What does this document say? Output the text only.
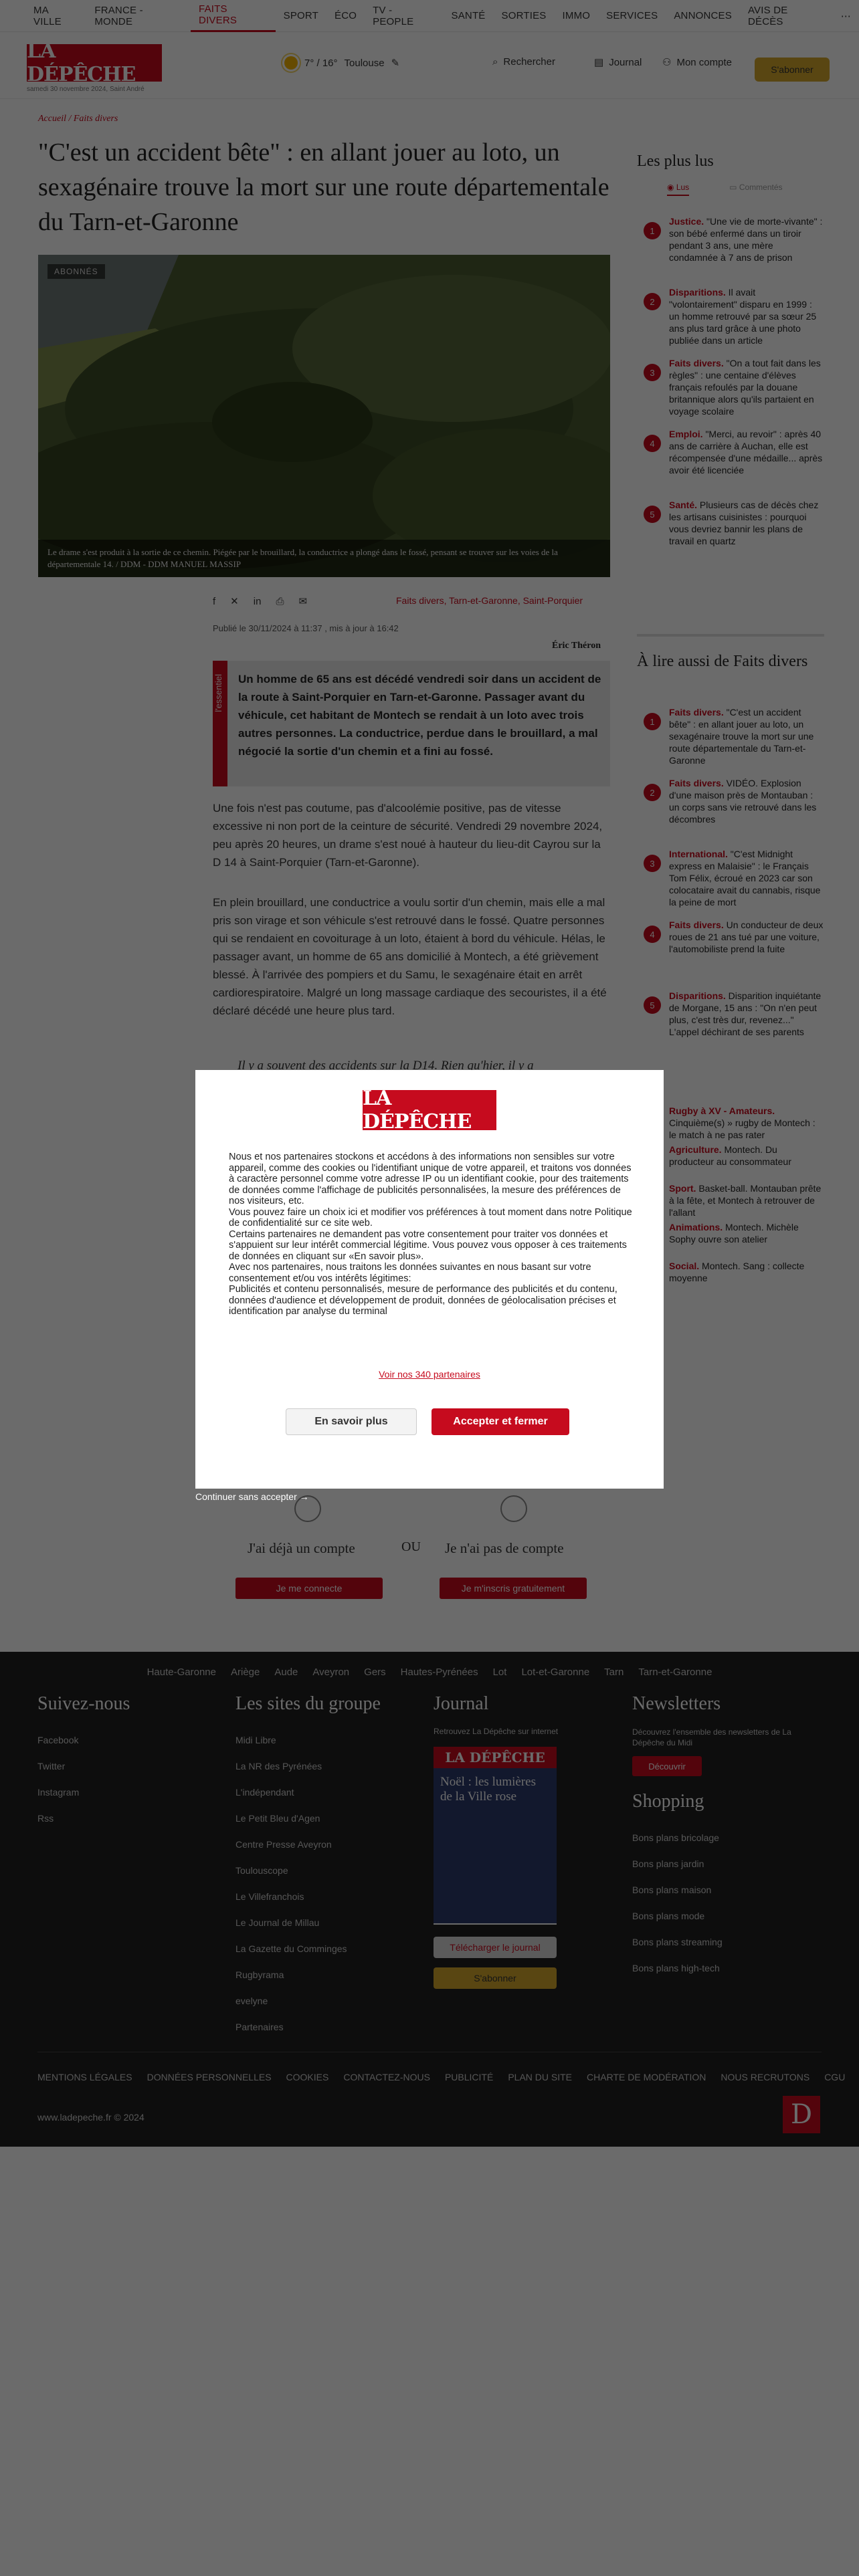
LA DÉPÊCHE
Nous et nos partenaires stockons et accédons à des informations non sensibles sur votre appareil, comme des cookies ou l'identifiant unique de votre appareil, et traitons vos données à caractère personnel comme votre adresse IP ou un identifiant cookie, pour des traitements de données comme l'affichage de publicités personnalisées, la mesure des préférences de nos visiteurs, etc.
Vous pouvez faire un choix ici et modifier vos préférences à tout moment dans notre Politique de confidentialité sur ce site web.
Certains partenaires ne demandent pas votre consentement pour traiter vos données et s'appuient sur leur intérêt commercial légitime. Vous pouvez vous opposer à ces traitements de données en cliquant sur «En savoir plus».
Avec nos partenaires, nous traitons les données suivantes en nous basant sur votre consentement et/ou vos intérêts légitimes:
Publicités et contenu personnalisés, mesure de performance des publicités et du contenu, données d'audience et développement de produit, données de géolocalisation précises et identification par analyse du terminal
Voir nos 340 partenaires
En savoir plus	Accepter et fermer
Continuer sans accepter →
